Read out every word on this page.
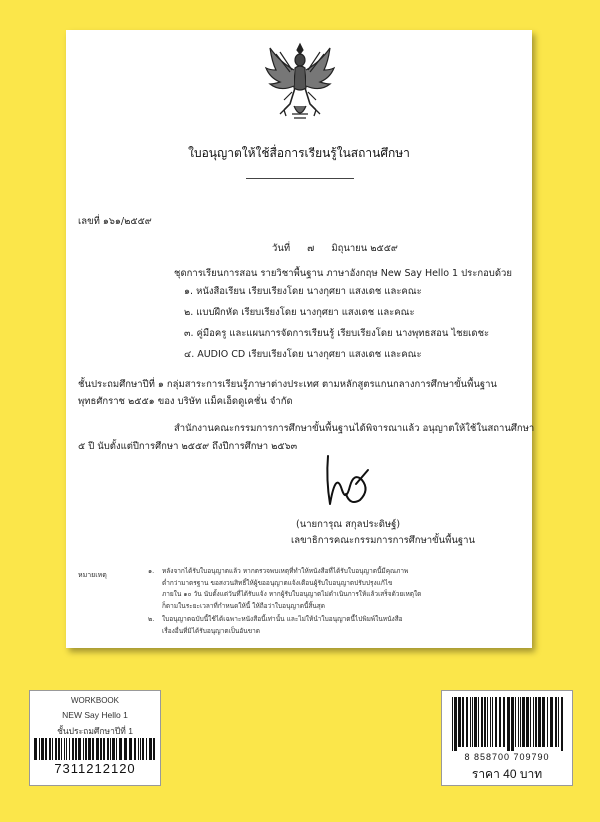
ใบอนุญาตให้ใช้สื่อการเรียนรู้ในสถานศึกษา
เลขที่ ๑๖๑/๒๕๕๙
วันที่ ๗ มิถุนายน ๒๕๕๙
ชุดการเรียนการสอน รายวิชาพื้นฐาน ภาษาอังกฤษ New Say Hello 1 ประกอบด้วย
๑. หนังสือเรียน เรียบเรียงโดย นางกุศยา แสงเดช และคณะ
๒. แบบฝึกหัด เรียบเรียงโดย นางกุศยา แสงเดช และคณะ
๓. คู่มือครู และแผนการจัดการเรียนรู้ เรียบเรียงโดย นางพุทธสอน ไชยเดชะ
๔. AUDIO CD เรียบเรียงโดย นางกุศยา แสงเดช และคณะ
ชั้นประถมศึกษาปีที่ ๑ กลุ่มสาระการเรียนรู้ภาษาต่างประเทศ ตามหลักสูตรแกนกลางการศึกษาขั้นพื้นฐาน
พุทธศักราช ๒๕๕๑ ของ บริษัท แม็คเอ็ดดูเคชั่น จำกัด
สำนักงานคณะกรรมการการศึกษาขั้นพื้นฐานได้พิจารณาแล้ว อนุญาตให้ใช้ในสถานศึกษา
๕ ปี นับตั้งแต่ปีการศึกษา ๒๕๕๙ ถึงปีการศึกษา ๒๕๖๓
(นายการุณ สกุลประดิษฐ์)
เลขาธิการคณะกรรมการการศึกษาขั้นพื้นฐาน
หมายเหตุ	๑. หลังจากได้รับใบอนุญาตแล้ว หากตรวจพบเหตุที่ทำให้หนังสือที่ได้รับใบอนุญาตนี้มีคุณภาพ
ต่ำกว่ามาตรฐาน ขอสงวนสิทธิ์ให้ผู้ขออนุญาตแจ้งเตือนผู้รับใบอนุญาตปรับปรุงแก้ไข
ภายใน ๑๐ วัน นับตั้งแต่วันที่ได้รับแจ้ง หากผู้รับใบอนุญาตไม่ดำเนินการให้แล้วเสร็จด้วยเหตุใด
ก็ตามในระยะเวลาที่กำหนดให้นี้ ให้ถือว่าใบอนุญาตนี้สิ้นสุด
๒. ใบอนุญาตฉบับนี้ใช้ได้เฉพาะหนังสือนี้เท่านั้น และไม่ให้นำใบอนุญาตนี้ไปพิมพ์ในหนังสือ
เรื่องอื่นที่มิได้รับอนุญาตเป็นอันขาด
WORKBOOK
NEW Say Hello 1
ชั้นประถมศึกษาปีที่ 1
7311212120
8 858700 709790
ราคา 40 บาท
